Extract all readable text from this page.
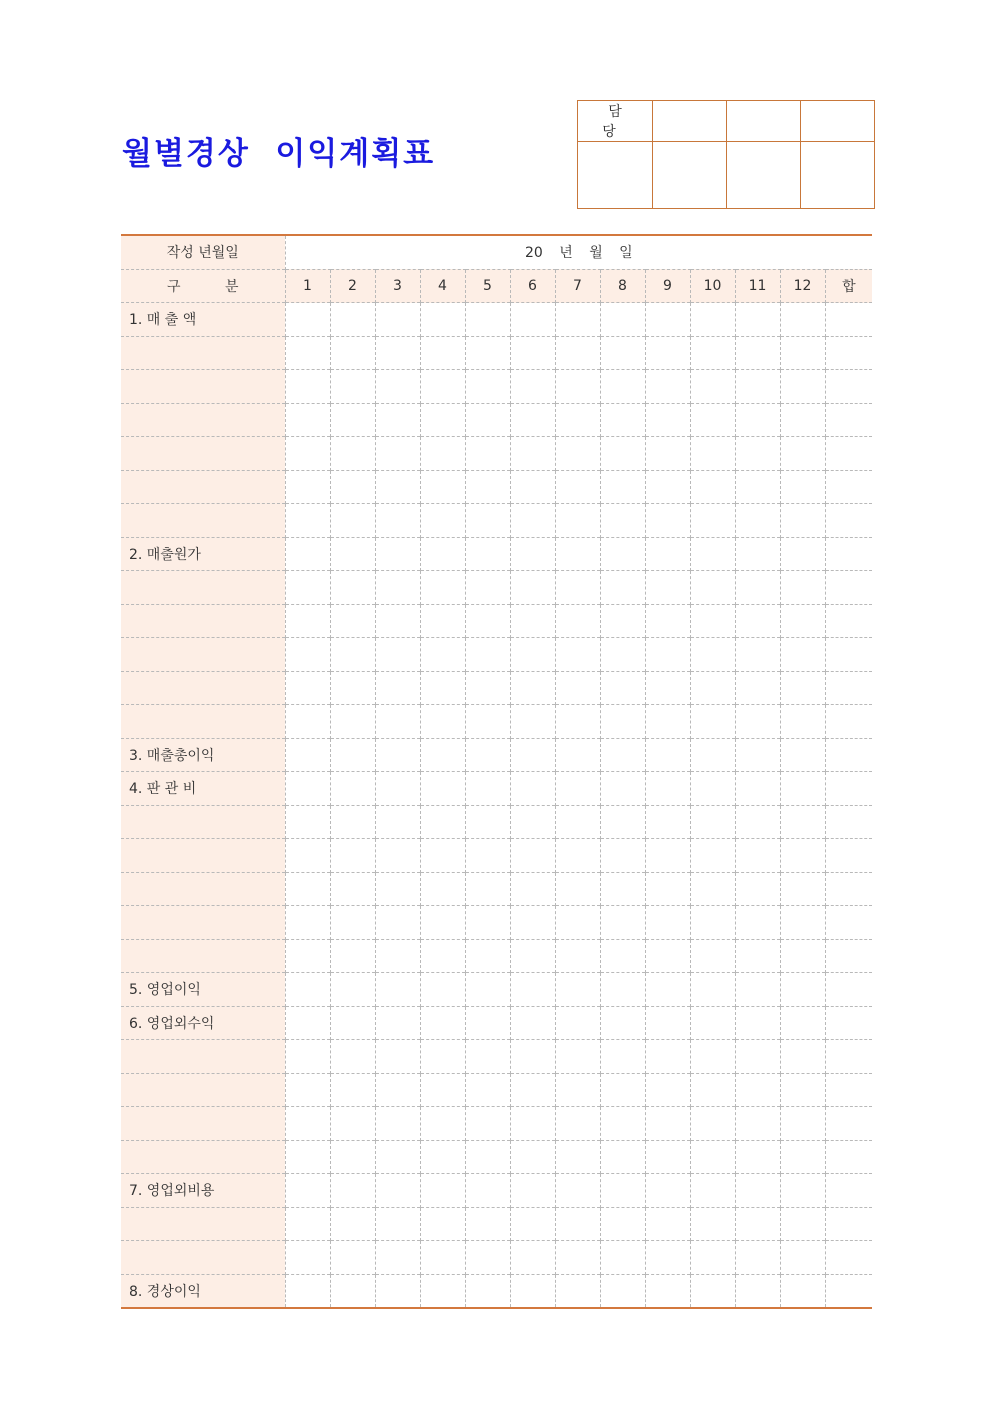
월별경상  이익계획표
담 당			

작성 년월일	20 년 월 일												
구 분	1	2	3	4	5	6	7	8	9	10	11	12	합
1. 매 출 액													

2. 매출원가													

3. 매출총이익													
4. 판 관 비													

5. 영업이익													
6. 영업외수익													

7. 영업외비용													

8. 경상이익													
